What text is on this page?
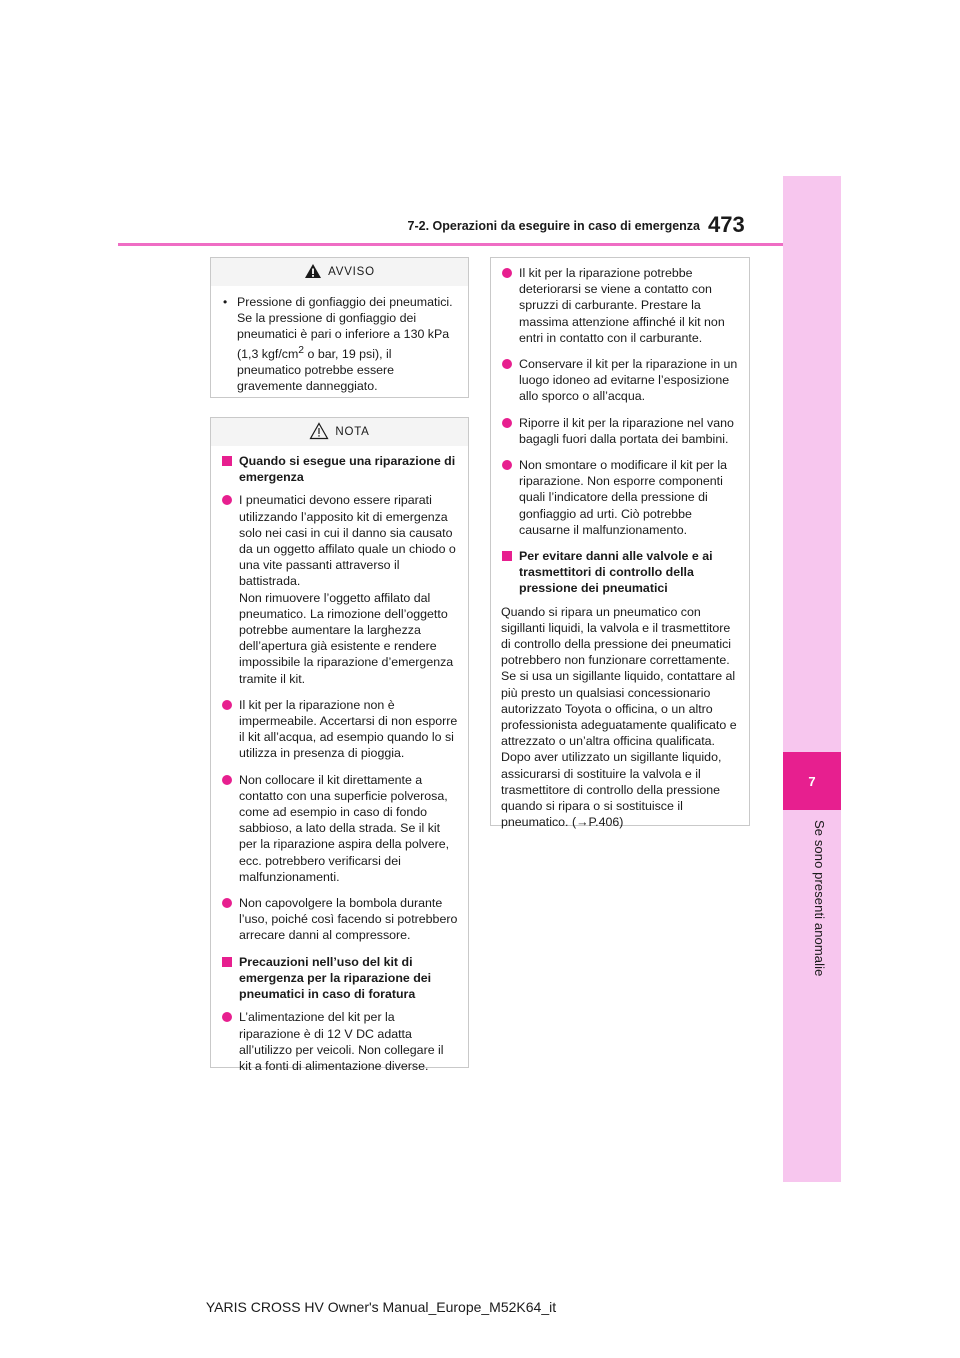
7
Se sono presenti anomalie
7-2. Operazioni da eseguire in caso di emergenza 473
AVVISO
• Pressione di gonfiaggio dei pneumatici. Se la pressione di gonfiaggio dei pneumatici è pari o inferiore a 130 kPa (1,3 kgf/$cm^2$ o bar, 19 psi), il pneumatico potrebbe essere gravemente danneggiato.
NOTA
Quando si esegue una riparazione di emergenza
I pneumatici devono essere riparati utilizzando l’apposito kit di emergenza solo nei casi in cui il danno sia causato da un oggetto affilato quale un chiodo o una vite passanti attraverso il battistrada.
Non rimuovere l’oggetto affilato dal pneumatico. La rimozione dell’oggetto potrebbe aumentare la larghezza dell’apertura già esistente e rendere impossibile la riparazione d’emergenza tramite il kit.
Il kit per la riparazione non è impermeabile. Accertarsi di non esporre il kit all’acqua, ad esempio quando lo si utilizza in presenza di pioggia.
Non collocare il kit direttamente a contatto con una superficie polverosa, come ad esempio in caso di fondo sabbioso, a lato della strada. Se il kit per la riparazione aspira della polvere, ecc. potrebbero verificarsi dei malfunzionamenti.
Non capovolgere la bombola durante l’uso, poiché così facendo si potrebbero arrecare danni al compressore.
Precauzioni nell’uso del kit di emergenza per la riparazione dei pneumatici in caso di foratura
L’alimentazione del kit per la riparazione è di 12 V DC adatta all’utilizzo per veicoli. Non collegare il kit a fonti di alimentazione diverse.
Il kit per la riparazione potrebbe deteriorarsi se viene a contatto con spruzzi di carburante. Prestare la massima attenzione affinché il kit non entri in contatto con il carburante.
Conservare il kit per la riparazione in un luogo idoneo ad evitarne l’esposizione allo sporco o all’acqua.
Riporre il kit per la riparazione nel vano bagagli fuori dalla portata dei bambini.
Non smontare o modificare il kit per la riparazione. Non esporre componenti quali l’indicatore della pressione di gonfiaggio ad urti. Ciò potrebbe causarne il malfunzionamento.
Per evitare danni alle valvole e ai trasmettitori di controllo della pressione dei pneumatici

Quando si ripara un pneumatico con sigillanti liquidi, la valvola e il trasmettitore di controllo della pressione dei pneumatici potrebbero non funzionare correttamente. Se si usa un sigillante liquido, contattare al più presto un qualsiasi concessionario autorizzato Toyota o officina, o un altro professionista adeguatamente qualificato e attrezzato o un’altra officina qualificata. Dopo aver utilizzato un sigillante liquido, assicurarsi di sostituire la valvola e il trasmettitore di controllo della pressione quando si ripara o si sostituisce il pneumatico. (→P.406)

YARIS CROSS HV Owner's Manual_Europe_M52K64_it
